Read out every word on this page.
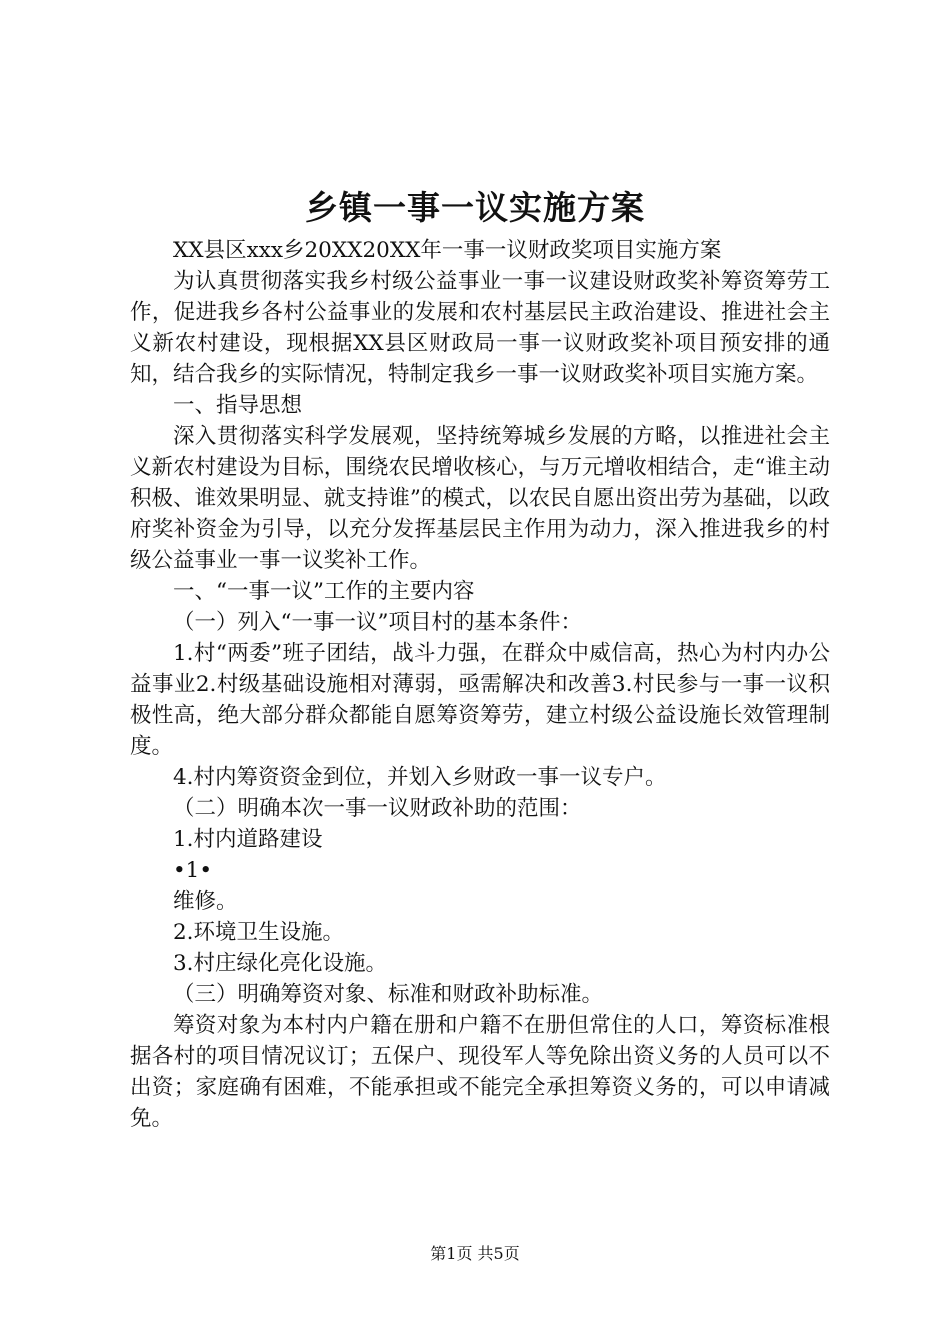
乡镇一事一议实施方案

XX县区xxx乡20XX20XX年一事一议财政奖项目实施方案

为认真贯彻落实我乡村级公益事业一事一议建设财政奖补筹资筹劳工作，促进我乡各村公益事业的发展和农村基层民主政治建设、推进社会主义新农村建设，现根据XX县区财政局一事一议财政奖补项目预安排的通知，结合我乡的实际情况，特制定我乡一事一议财政奖补项目实施方案。

一、指导思想

深入贯彻落实科学发展观，坚持统筹城乡发展的方略，以推进社会主义新农村建设为目标，围绕农民增收核心，与万元增收相结合，走“谁主动积极、谁效果明显、就支持谁”的模式，以农民自愿出资出劳为基础，以政府奖补资金为引导，以充分发挥基层民主作用为动力，深入推进我乡的村级公益事业一事一议奖补工作。

一、“一事一议”工作的主要内容

（一）列入“一事一议”项目村的基本条件：

1.村“两委”班子团结，战斗力强，在群众中威信高，热心为村内办公益事业2.村级基础设施相对薄弱，亟需解决和改善3.村民参与一事一议积极性高，绝大部分群众都能自愿筹资筹劳，建立村级公益设施长效管理制度。

4.村内筹资资金到位，并划入乡财政一事一议专户。

（二）明确本次一事一议财政补助的范围：

1.村内道路建设

•1•

维修。

2.环境卫生设施。

3.村庄绿化亮化设施。

（三）明确筹资对象、标准和财政补助标准。

筹资对象为本村内户籍在册和户籍不在册但常住的人口，筹资标准根据各村的项目情况议订；五保户、现役军人等免除出资义务的人员可以不出资；家庭确有困难，不能承担或不能完全承担筹资义务的，可以申请减免。

第1页 共5页
